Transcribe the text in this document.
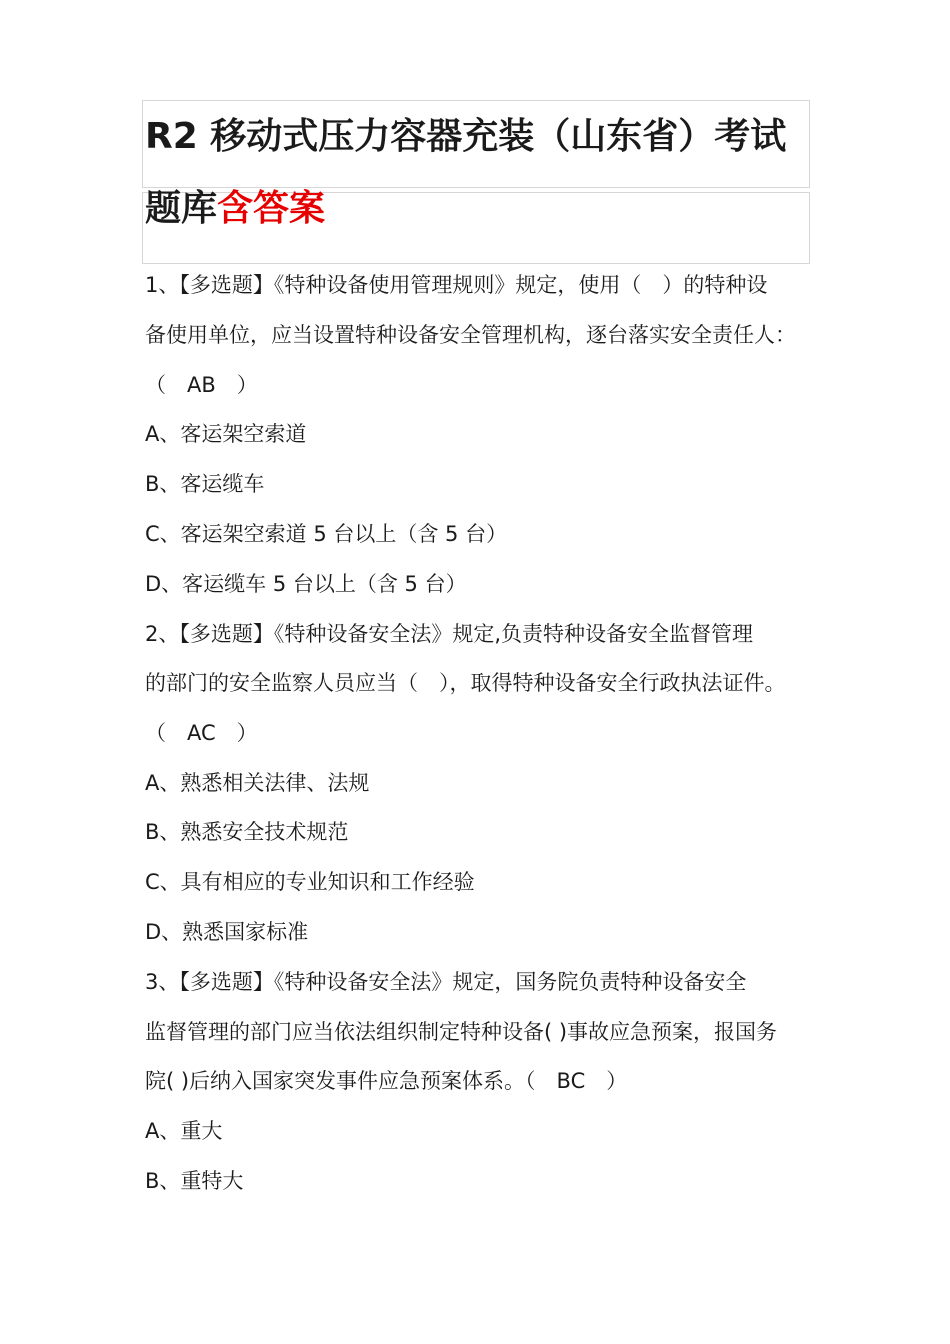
R2 移动式压力容器充装（山东省）考试
题库含答案
1、【多选题】《特种设备使用管理规则》规定，使用（　）的特种设
备使用单位，应当设置特种设备安全管理机构，逐台落实安全责任人：
（　AB　）
A、客运架空索道
B、客运缆车
C、客运架空索道 5 台以上（含 5 台）
D、客运缆车 5 台以上（含 5 台）
2、【多选题】《特种设备安全法》规定,负责特种设备安全监督管理
的部门的安全监察人员应当（　），取得特种设备安全行政执法证件。
（　AC　）
A、熟悉相关法律、法规
B、熟悉安全技术规范
C、具有相应的专业知识和工作经验
D、熟悉国家标准
3、【多选题】《特种设备安全法》规定，国务院负责特种设备安全
监督管理的部门应当依法组织制定特种设备( )事故应急预案，报国务
院( )后纳入国家突发事件应急预案体系。（　BC　）
A、重大
B、重特大
